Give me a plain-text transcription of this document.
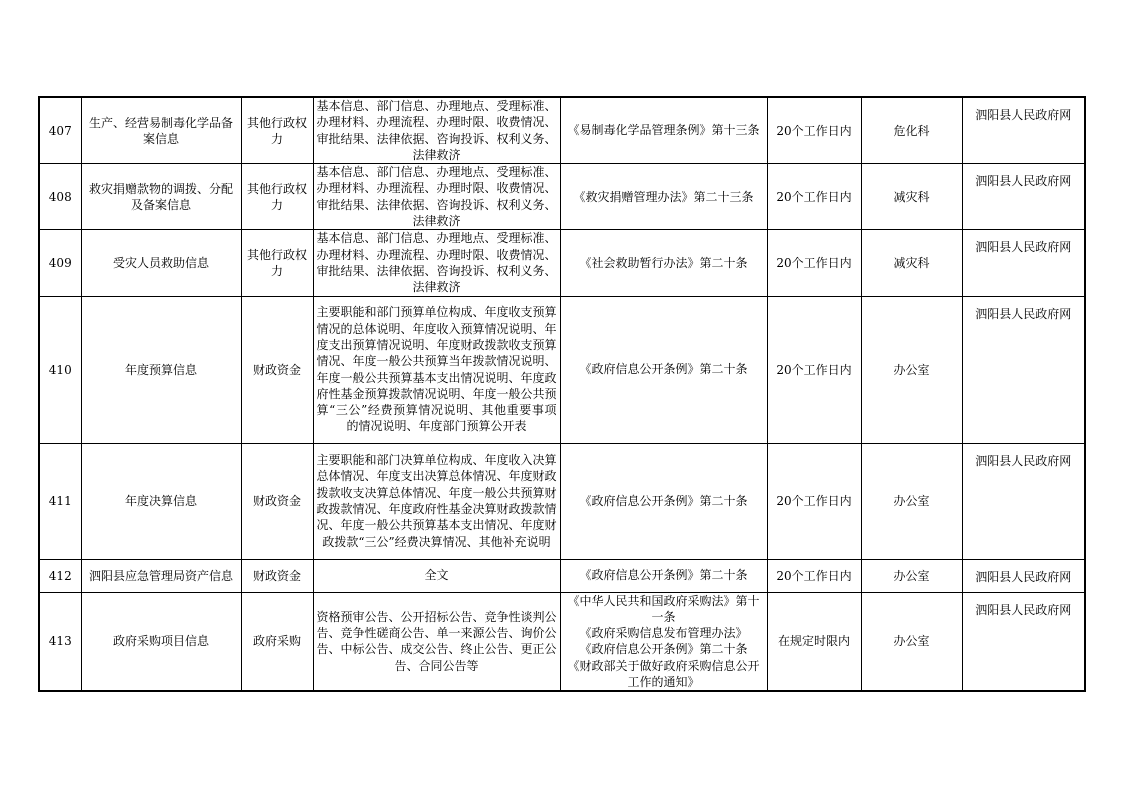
407	生产、经营易制毒化学品备案信息	其他行政权力	基本信息、部门信息、办理地点、受理标准、办理材料、办理流程、办理时限、收费情况、审批结果、法律依据、咨询投诉、权利义务、法律救济	《易制毒化学品管理条例》第十三条	20个工作日内	危化科	泗阳县人民政府网
408	救灾捐赠款物的调拨、分配及备案信息	其他行政权力	基本信息、部门信息、办理地点、受理标准、办理材料、办理流程、办理时限、收费情况、审批结果、法律依据、咨询投诉、权利义务、法律救济	《救灾捐赠管理办法》第二十三条	20个工作日内	减灾科	泗阳县人民政府网
409	受灾人员救助信息	其他行政权力	基本信息、部门信息、办理地点、受理标准、办理材料、办理流程、办理时限、收费情况、审批结果、法律依据、咨询投诉、权利义务、法律救济	《社会救助暂行办法》第二十条	20个工作日内	减灾科	泗阳县人民政府网
410	年度预算信息	财政资金	主要职能和部门预算单位构成、年度收支预算情况的总体说明、年度收入预算情况说明、年度支出预算情况说明、年度财政拨款收支预算情况、年度一般公共预算当年拨款情况说明、年度一般公共预算基本支出情况说明、年度政府性基金预算拨款情况说明、年度一般公共预算“三公”经费预算情况说明、其他重要事项的情况说明、年度部门预算公开表	《政府信息公开条例》第二十条	20个工作日内	办公室	泗阳县人民政府网
411	年度决算信息	财政资金	主要职能和部门决算单位构成、年度收入决算总体情况、年度支出决算总体情况、年度财政拨款收支决算总体情况、年度一般公共预算财政拨款情况、年度政府性基金决算财政拨款情况、年度一般公共预算基本支出情况、年度财政拨款“三公”经费决算情况、其他补充说明	《政府信息公开条例》第二十条	20个工作日内	办公室	泗阳县人民政府网
412	泗阳县应急管理局资产信息	财政资金	全文	《政府信息公开条例》第二十条	20个工作日内	办公室	泗阳县人民政府网
413	政府采购项目信息	政府采购	资格预审公告、公开招标公告、竞争性谈判公告、竞争性磋商公告、单一来源公告、询价公告、中标公告、成交公告、终止公告、更正公告、合同公告等	《中华人民共和国政府采购法》第十一条
《政府采购信息发布管理办法》
《政府信息公开条例》第二十条
《财政部关于做好政府采购信息公开工作的通知》	在规定时限内	办公室	泗阳县人民政府网
